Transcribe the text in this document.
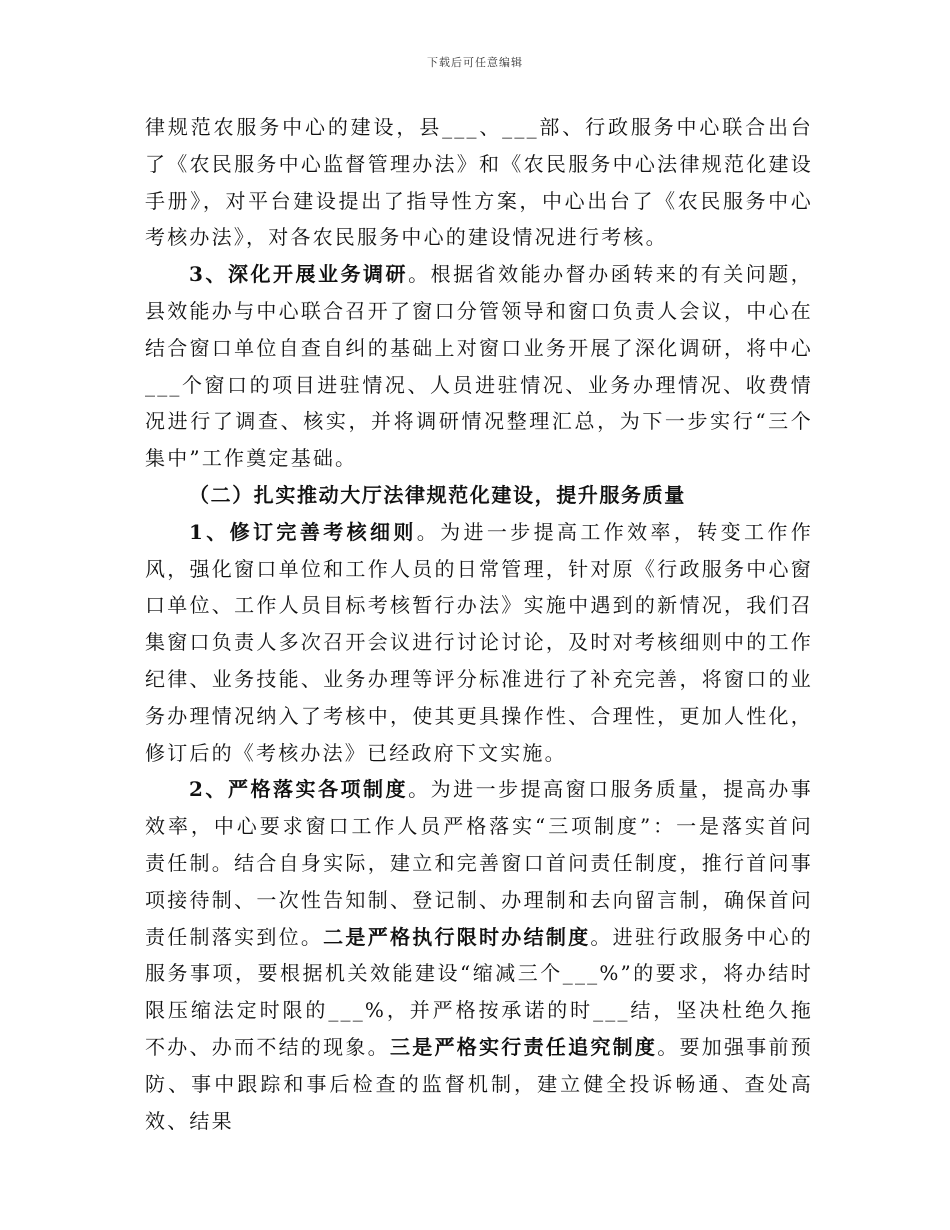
下载后可任意编辑

律规范农服务中心的建设，县___、___部、行政服务中心联合出台了《农民服务中心监督管理办法》和《农民服务中心法律规范化建设手册》，对平台建设提出了指导性方案，中心出台了《农民服务中心考核办法》，对各农民服务中心的建设情况进行考核。

3、深化开展业务调研。根据省效能办督办函转来的有关问题，县效能办与中心联合召开了窗口分管领导和窗口负责人会议，中心在结合窗口单位自查自纠的基础上对窗口业务开展了深化调研，将中心___个窗口的项目进驻情况、人员进驻情况、业务办理情况、收费情况进行了调查、核实，并将调研情况整理汇总，为下一步实行“三个集中”工作奠定基础。

（二）扎实推动大厅法律规范化建设，提升服务质量

1、修订完善考核细则。为进一步提高工作效率，转变工作作风，强化窗口单位和工作人员的日常管理，针对原《行政服务中心窗口单位、工作人员目标考核暂行办法》实施中遇到的新情况，我们召集窗口负责人多次召开会议进行讨论讨论，及时对考核细则中的工作纪律、业务技能、业务办理等评分标准进行了补充完善，将窗口的业务办理情况纳入了考核中，使其更具操作性、合理性，更加人性化，修订后的《考核办法》已经政府下文实施。

2、严格落实各项制度。为进一步提高窗口服务质量，提高办事效率，中心要求窗口工作人员严格落实“三项制度”：一是落实首问责任制。结合自身实际，建立和完善窗口首问责任制度，推行首问事项接待制、一次性告知制、登记制、办理制和去向留言制，确保首问责任制落实到位。二是严格执行限时办结制度。进驻行政服务中心的服务事项，要根据机关效能建设“缩减三个___%”的要求，将办结时限压缩法定时限的___%，并严格按承诺的时___结，坚决杜绝久拖不办、办而不结的现象。三是严格实行责任追究制度。要加强事前预防、事中跟踪和事后检查的监督机制，建立健全投诉畅通、查处高效、结果
